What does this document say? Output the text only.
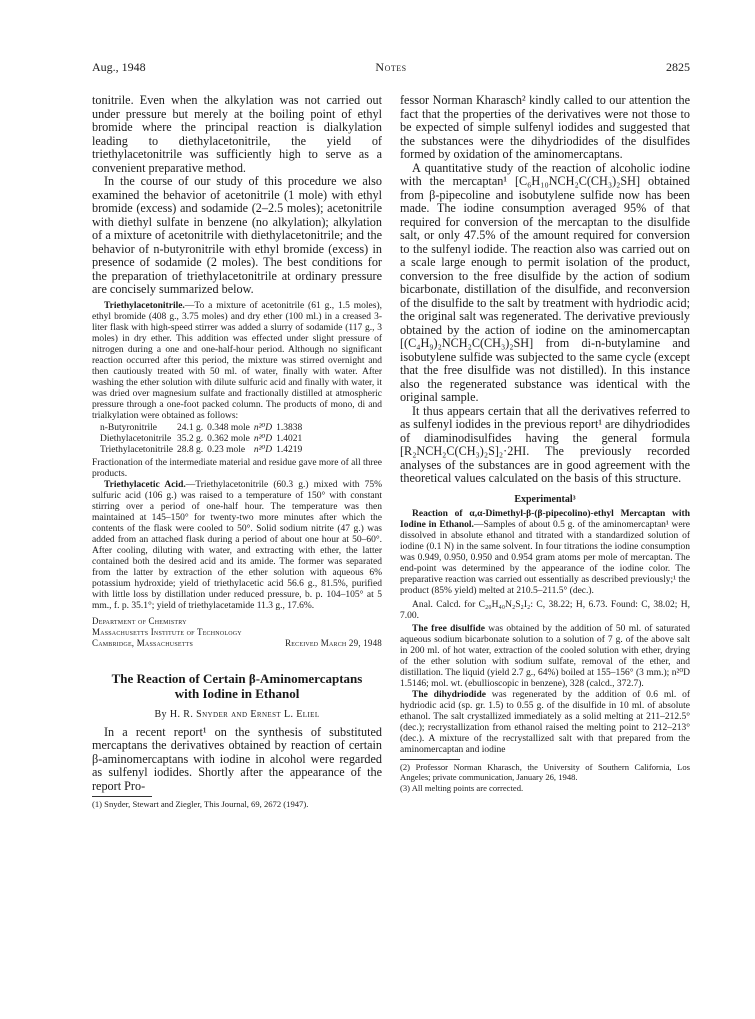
Aug., 1948	Notes	2825

tonitrile. Even when the alkylation was not carried out under pressure but merely at the boiling point of ethyl bromide where the principal reaction is dialkylation leading to diethylacetonitrile, the yield of triethylacetonitrile was sufficiently high to serve as a convenient preparative method.

In the course of our study of this procedure we also examined the behavior of acetonitrile (1 mole) with ethyl bromide (excess) and sodamide (2–2.5 moles); acetonitrile with diethyl sulfate in benzene (no alkylation); alkylation of a mixture of acetonitrile with diethylacetonitrile; and the behavior of n-butyronitrile with ethyl bromide (excess) in presence of sodamide (2 moles). The best conditions for the preparation of triethylacetonitrile at ordinary pressure are concisely summarized below.

Triethylacetonitrile.—To a mixture of acetonitrile (61 g., 1.5 moles), ethyl bromide (408 g., 3.75 moles) and dry ether (100 ml.) in a creased 3-liter flask with high-speed stirrer was added a slurry of sodamide (117 g., 3 moles) in dry ether. This addition was effected under slight pressure of nitrogen during a one and one-half-hour period. Although no significant reaction occurred after this period, the mixture was stirred overnight and then cautiously treated with 50 ml. of water, finally with water. After washing the ether solution with dilute sulfuric acid and finally with water, it was dried over magnesium sulfate and fractionally distilled at atmospheric pressure through a one-foot packed column. The products of mono, di and trialkylation were obtained as follows:

n-Butyronitrile	24.1 g.	0.348 mole	n²⁰D	1.3838
Diethylacetonitrile	35.2 g.	0.362 mole	n²⁰D	1.4021
Triethylacetonitrile	28.8 g.	0.23 mole	n²⁰D	1.4219

Fractionation of the intermediate material and residue gave more of all three products.

Triethylacetic Acid.—Triethylacetonitrile (60.3 g.) mixed with 75% sulfuric acid (106 g.) was raised to a temperature of 150° with constant stirring over a period of one-half hour. The temperature was then maintained at 145–150° for twenty-two more minutes after which the contents of the flask were cooled to 50°. Solid sodium nitrite (47 g.) was added from an attached flask during a period of about one hour at 50–60°. After cooling, diluting with water, and extracting with ether, the latter contained both the desired acid and its amide. The former was separated from the latter by extraction of the ether solution with aqueous 6% potassium hydroxide; yield of triethylacetic acid 56.6 g., 81.5%, purified with little loss by distillation under reduced pressure, b. p. 104–105° at 5 mm., f. p. 35.1°; yield of triethylacetamide 11.3 g., 17.6%.

Department of Chemistry
Massachusetts Institute of Technology
Cambridge, Massachusetts	Received March 29, 1948
The Reaction of Certain β-Aminomercaptans
with Iodine in Ethanol
By H. R. Snyder and Ernest L. Eliel

In a recent report¹ on the synthesis of substituted mercaptans the derivatives obtained by reaction of certain β-aminomercaptans with iodine in alcohol were regarded as sulfenyl iodides. Shortly after the appearance of the report Pro-

(1) Snyder, Stewart and Ziegler, This Journal, 69, 2672 (1947).

fessor Norman Kharasch² kindly called to our attention the fact that the properties of the derivatives were not those to be expected of simple sulfenyl iodides and suggested that the substances were the dihydriodides of the disulfides formed by oxidation of the aminomercaptans.

A quantitative study of the reaction of alcoholic iodine with the mercaptan¹ [C₆H₁₀NCH₂C(CH₃)₂SH] obtained from β-pipecoline and isobutylene sulfide now has been made. The iodine consumption averaged 95% of that required for conversion of the mercaptan to the disulfide salt, or only 47.5% of the amount required for conversion to the sulfenyl iodide. The reaction also was carried out on a scale large enough to permit isolation of the product, conversion to the free disulfide by the action of sodium bicarbonate, distillation of the disulfide, and reconversion of the disulfide to the salt by treatment with hydriodic acid; the original salt was regenerated. The derivative previously obtained by the action of iodine on the aminomercaptan [(C₄H₉)₂NCH₂C(CH₃)₂SH] from di-n-butylamine and isobutylene sulfide was subjected to the same cycle (except that the free disulfide was not distilled). In this instance also the regenerated substance was identical with the original sample.

It thus appears certain that all the derivatives referred to as sulfenyl iodides in the previous report¹ are dihydriodides of diaminodisulfides having the general formula [R₂NCH₂C(CH₃)₂S]₂·2HI. The previously recorded analyses of the substances are in good agreement with the theoretical values calculated on the basis of this structure.

Experimental³

Reaction of α,α-Dimethyl-β-(β-pipecolino)-ethyl Mercaptan with Iodine in Ethanol.—Samples of about 0.5 g. of the aminomercaptan¹ were dissolved in absolute ethanol and titrated with a standardized solution of iodine (0.1 N) in the same solvent. In four titrations the iodine consumption was 0.949, 0.950, 0.950 and 0.954 gram atoms per mole of mercaptan. The end-point was determined by the appearance of the iodine color. The preparative reaction was carried out essentially as described previously;¹ the product (85% yield) melted at 210.5–211.5° (dec.).

Anal. Calcd. for C₂₀H₄₀N₂S₂I₂: C, 38.22; H, 6.73. Found: C, 38.02; H, 7.00.

The free disulfide was obtained by the addition of 50 ml. of saturated aqueous sodium bicarbonate solution to a solution of 7 g. of the above salt in 200 ml. of hot water, extraction of the cooled solution with ether, drying of the ether solution with sodium sulfate, removal of the ether, and distillation. The liquid (yield 2.7 g., 64%) boiled at 155–156° (3 mm.); n²⁰D 1.5146; mol. wt. (ebullioscopic in benzene), 328 (calcd., 372.7).

The dihydriodide was regenerated by the addition of 0.6 ml. of hydriodic acid (sp. gr. 1.5) to 0.55 g. of the disulfide in 10 ml. of absolute ethanol. The salt crystallized immediately as a solid melting at 211–212.5° (dec.); recrystallization from ethanol raised the melting point to 212–213° (dec.). A mixture of the recrystallized salt with that prepared from the aminomercaptan and iodine

(2) Professor Norman Kharasch, the University of Southern California, Los Angeles; private communication, January 26, 1948.

(3) All melting points are corrected.
